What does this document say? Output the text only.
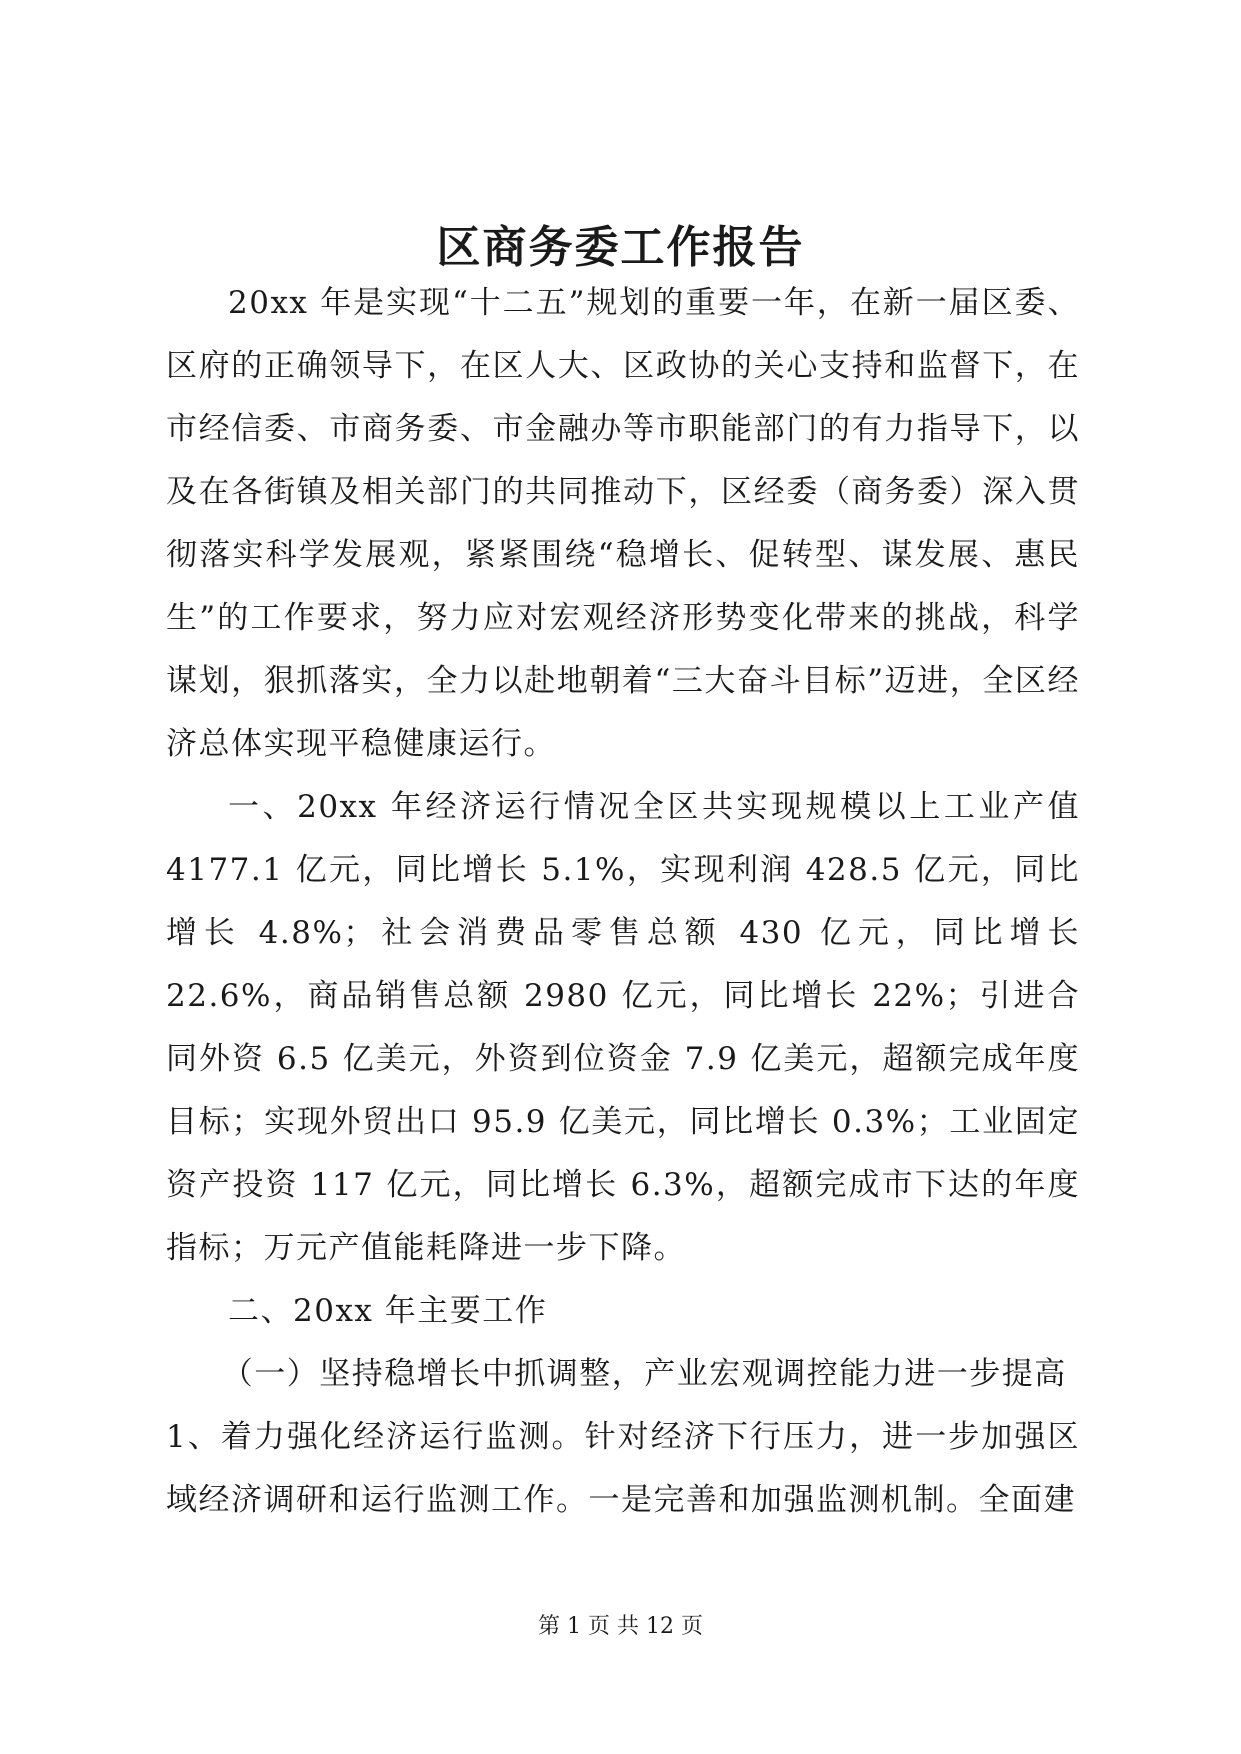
区商务委工作报告

20xx 年是实现“十二五”规划的重要一年，在新一届区委、区府的正确领导下，在区人大、区政协的关心支持和监督下，在市经信委、市商务委、市金融办等市职能部门的有力指导下，以及在各街镇及相关部门的共同推动下，区经委（商务委）深入贯彻落实科学发展观，紧紧围绕“稳增长、促转型、谋发展、惠民生”的工作要求，努力应对宏观经济形势变化带来的挑战，科学谋划，狠抓落实，全力以赴地朝着“三大奋斗目标”迈进，全区经济总体实现平稳健康运行。

一、20xx 年经济运行情况全区共实现规模以上工业产值 4177.1 亿元，同比增长 5.1%，实现利润 428.5 亿元，同比增长 4.8%；社会消费品零售总额 430 亿元，同比增长 22.6%，商品销售总额 2980 亿元，同比增长 22%；引进合同外资 6.5 亿美元，外资到位资金 7.9 亿美元，超额完成年度目标；实现外贸出口 95.9 亿美元，同比增长 0.3%；工业固定资产投资 117 亿元，同比增长 6.3%，超额完成市下达的年度指标；万元产值能耗降进一步下降。

二、20xx 年主要工作

（一）坚持稳增长中抓调整，产业宏观调控能力进一步提高

1、着力强化经济运行监测。针对经济下行压力，进一步加强区域经济调研和运行监测工作。一是完善和加强监测机制。全面建

第 1 页 共 12 页
